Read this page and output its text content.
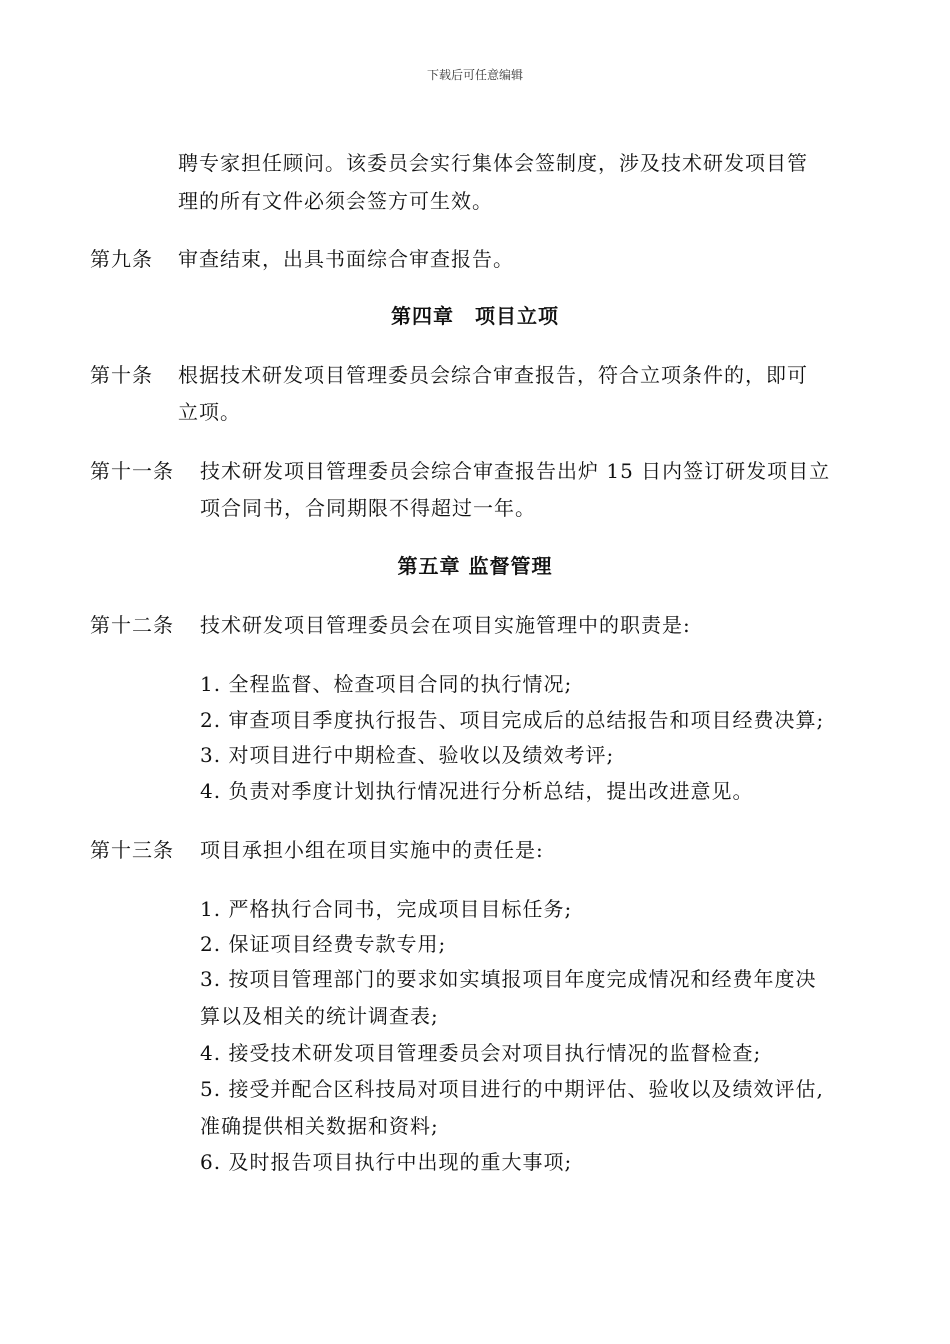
下载后可任意编辑
聘专家担任顾问。该委员会实行集体会签制度，涉及技术研发项目管
理的所有文件必须会签方可生效。
第九条 审查结束，出具书面综合审查报告。
第四章　项目立项
第十条 根据技术研发项目管理委员会综合审查报告，符合立项条件的，即可
立项。
第十一条 技术研发项目管理委员会综合审查报告出炉 15 日内签订研发项目立
项合同书，合同期限不得超过一年。
第五章 监督管理
第十二条 技术研发项目管理委员会在项目实施管理中的职责是:
1. 全程监督、检查项目合同的执行情况;
2. 审查项目季度执行报告、项目完成后的总结报告和项目经费决算;
3. 对项目进行中期检查、验收以及绩效考评;
4. 负责对季度计划执行情况进行分析总结，提出改进意见。
第十三条 项目承担小组在项目实施中的责任是:
1. 严格执行合同书，完成项目目标任务;
2. 保证项目经费专款专用;
3. 按项目管理部门的要求如实填报项目年度完成情况和经费年度决
算以及相关的统计调查表;
4. 接受技术研发项目管理委员会对项目执行情况的监督检查;
5. 接受并配合区科技局对项目进行的中期评估、验收以及绩效评估,
准确提供相关数据和资料;
6. 及时报告项目执行中出现的重大事项;
